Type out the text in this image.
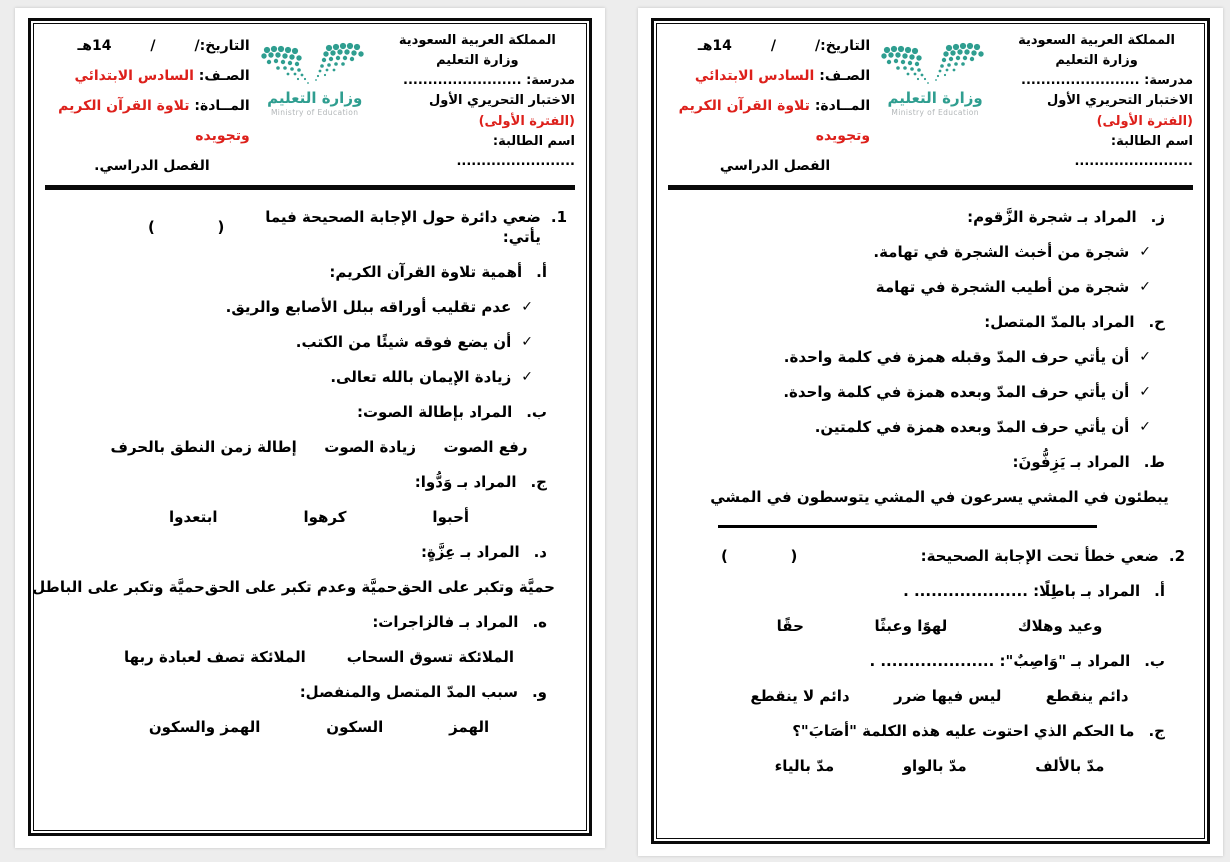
المملكة العربية السعودية
وزارة التعليم
مدرسة: ........................
الاختبار التحريري الأول (الفترة الأولى)
اسم الطالبة: ........................
وزارة التعليم
Ministry of Education
التاريخ:/        /        14هـ
الصـف: السادس الابتدائي
المــادة: تلاوة القرآن الكريم وتجويده
الفصل الدراسي.
1.
ضعي دائرة حول الإجابة الصحيحة فيما يأتي:
(            )
أ.
أهمية تلاوة القرآن الكريم:
✓
عدم تقليب أوراقه ببلل الأصابع والريق.
✓
أن يضع فوقه شيئًا من الكتب.
✓
زيادة الإيمان بالله تعالى.
ب.
المراد بإطالة الصوت:
رفع الصوت
زيادة الصوت
إطالة زمن النطق بالحرف
ج.
المراد بـ وَدُّوا:
أحبوا
كرهوا
ابتعدوا
د.
المراد بـ عِزَّةٍ:
حميَّة وتكبر على الحق
حميَّة وعدم تكبر على الحق
حميَّة وتكبر على الباطل
ه.
المراد بـ فالزاجرات:
الملائكة تسوق السحاب
الملائكة تصف لعبادة ربها
و.
سبب المدّ المتصل والمنفصل:
الهمز
السكون
الهمز والسكون
المملكة العربية السعودية
وزارة التعليم
مدرسة: ........................
الاختبار التحريري الأول (الفترة الأولى)
اسم الطالبة: ........................
وزارة التعليم
Ministry of Education
التاريخ:/        /        14هـ
الصـف: السادس الابتدائي
المــادة: تلاوة القرآن الكريم وتجويده
الفصل الدراسي
ز.
المراد بـ شجرة الزَّقوم:
✓
شجرة من أخبث الشجرة في تهامة.
✓
شجرة من أطيب الشجرة في تهامة
ح.
المراد بالمدّ المتصل:
✓
أن يأتي حرف المدّ وقبله همزة في كلمة واحدة.
✓
أن يأتي حرف المدّ وبعده همزة في كلمة واحدة.
✓
أن يأتي حرف المدّ وبعده همزة في كلمتين.
ط.
المراد بـ يَزِفُّونَ:
يبطئون في المشي
يسرعون في المشي
يتوسطون في المشي
2.
ضعي خطأ تحت الإجابة الصحيحة:
(            )
أ.
المراد بـ باطِلًا: .................... .
وعيد وهلاك
لهوًا وعبثًا
حقًا
ب.
المراد بـ "وَاصِبٌ": .................... .
دائم ينقطع
ليس فيها ضرر
دائم لا ينقطع
ج.
ما الحكم الذي احتوت عليه هذه الكلمة "أصَابَ"؟
مدّ بالألف
مدّ بالواو
مدّ بالياء
